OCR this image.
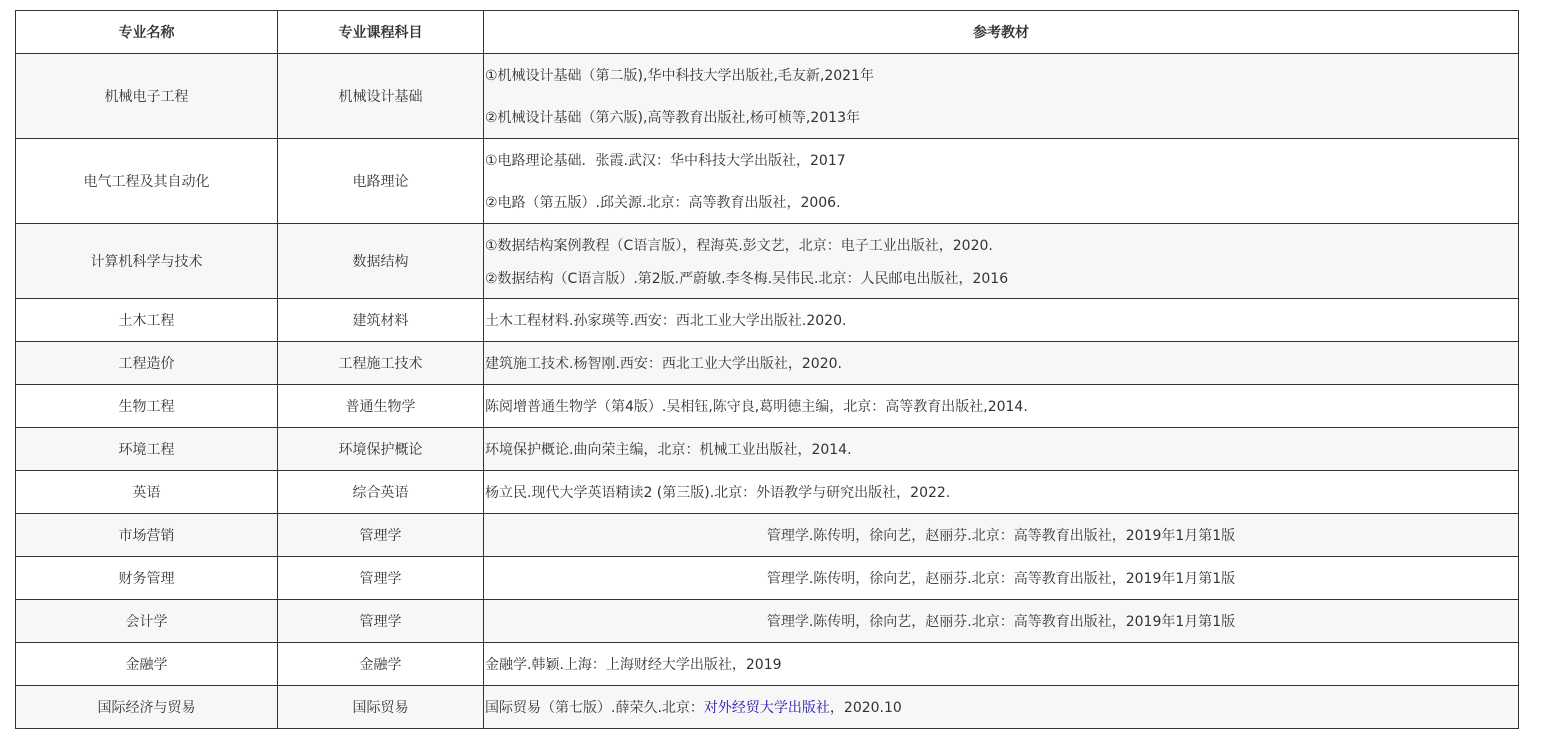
专业名称	专业课程科目	参考教材
机械电子工程	机械设计基础	①机械设计基础（第二版),华中科技大学出版社,毛友新,2021年
②机械设计基础（第六版),高等教育出版社,杨可桢等,2013年

电气工程及其自动化	电路理论	①电路理论基础．张霞.武汉：华中科技大学出版社，2017
②电路（第五版）.邱关源.北京：高等教育出版社，2006.

计算机科学与技术	数据结构	①数据结构案例教程（C语言版），程海英.彭文艺，北京：电子工业出版社，2020.
②数据结构（C语言版）.第2版.严蔚敏.李冬梅.吴伟民.北京：人民邮电出版社，2016

土木工程	建筑材料	土木工程材料.孙家瑛等.西安：西北工业大学出版社.2020.
工程造价	工程施工技术	建筑施工技术.杨智刚.西安：西北工业大学出版社，2020.
生物工程	普通生物学	陈阅增普通生物学（第4版）.吴相钰,陈守良,葛明德主编，北京：高等教育出版社,2014.
环境工程	环境保护概论	环境保护概论.曲向荣主编，北京：机械工业出版社，2014.
英语	综合英语	杨立民.现代大学英语精读2 (第三版).北京：外语教学与研究出版社，2022.
市场营销	管理学	管理学.陈传明，徐向艺，赵丽芬.北京：高等教育出版社，2019年1月第1版
财务管理	管理学	管理学.陈传明，徐向艺，赵丽芬.北京：高等教育出版社，2019年1月第1版
会计学	管理学	管理学.陈传明，徐向艺，赵丽芬.北京：高等教育出版社，2019年1月第1版
金融学	金融学	金融学.韩颖.上海：上海财经大学出版社，2019
国际经济与贸易	国际贸易	国际贸易（第七版）.薛荣久.北京：对外经贸大学出版社，2020.10
